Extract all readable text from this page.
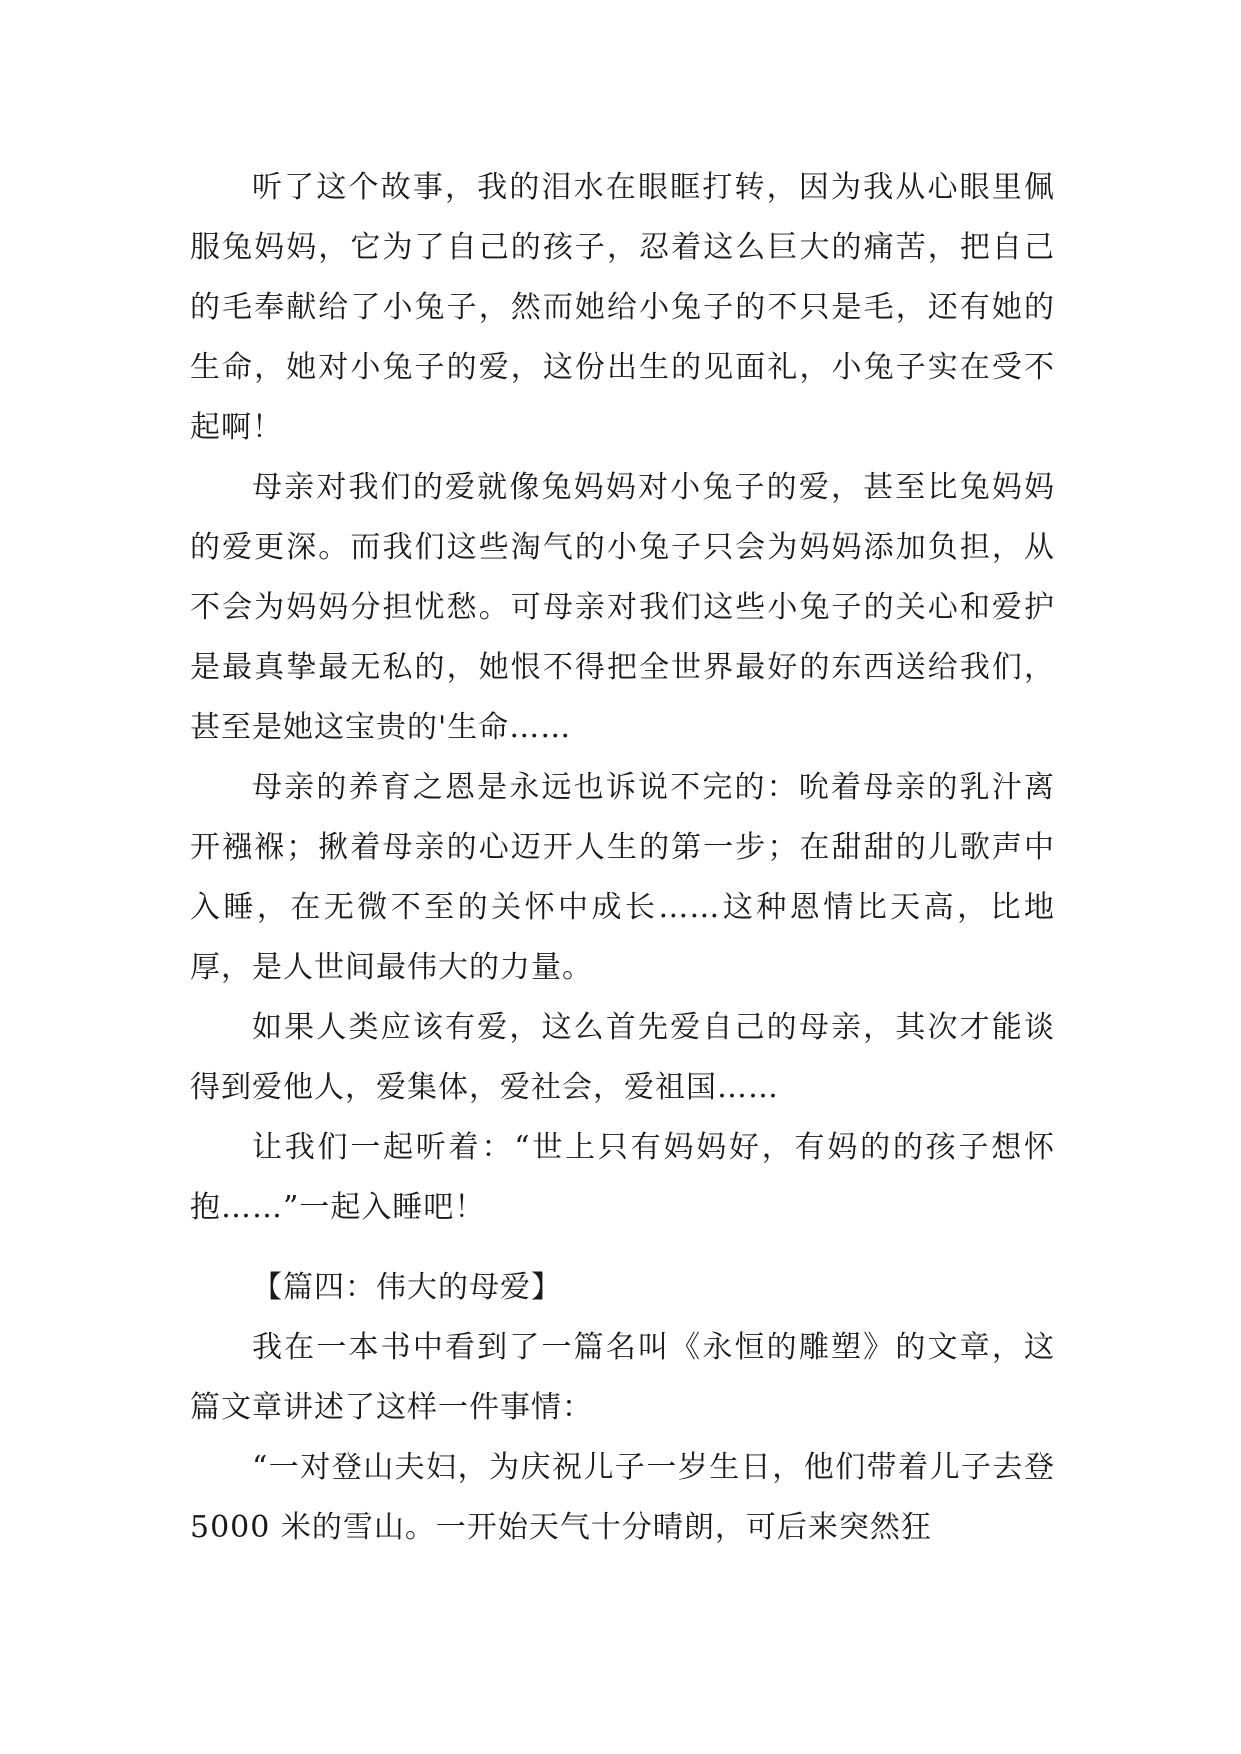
听了这个故事，我的泪水在眼眶打转，因为我从心眼里佩服兔妈妈，它为了自己的孩子，忍着这么巨大的痛苦，把自己的毛奉献给了小兔子，然而她给小兔子的不只是毛，还有她的生命，她对小兔子的爱，这份出生的见面礼，小兔子实在受不起啊！

母亲对我们的爱就像兔妈妈对小兔子的爱，甚至比兔妈妈的爱更深。而我们这些淘气的小兔子只会为妈妈添加负担，从不会为妈妈分担忧愁。可母亲对我们这些小兔子的关心和爱护是最真挚最无私的，她恨不得把全世界最好的东西送给我们，甚至是她这宝贵的'生命……

母亲的养育之恩是永远也诉说不完的：吮着母亲的乳汁离开襁褓；揪着母亲的心迈开人生的第一步；在甜甜的儿歌声中入睡，在无微不至的关怀中成长……这种恩情比天高，比地厚，是人世间最伟大的力量。

如果人类应该有爱，这么首先爱自己的母亲，其次才能谈得到爱他人，爱集体，爱社会，爱祖国……

让我们一起听着：“世上只有妈妈好，有妈的的孩子想怀抱……”一起入睡吧！

【篇四：伟大的母爱】

我在一本书中看到了一篇名叫《永恒的雕塑》的文章，这篇文章讲述了这样一件事情：

“一对登山夫妇，为庆祝儿子一岁生日，他们带着儿子去登 5000 米的雪山。一开始天气十分晴朗，可后来突然狂
